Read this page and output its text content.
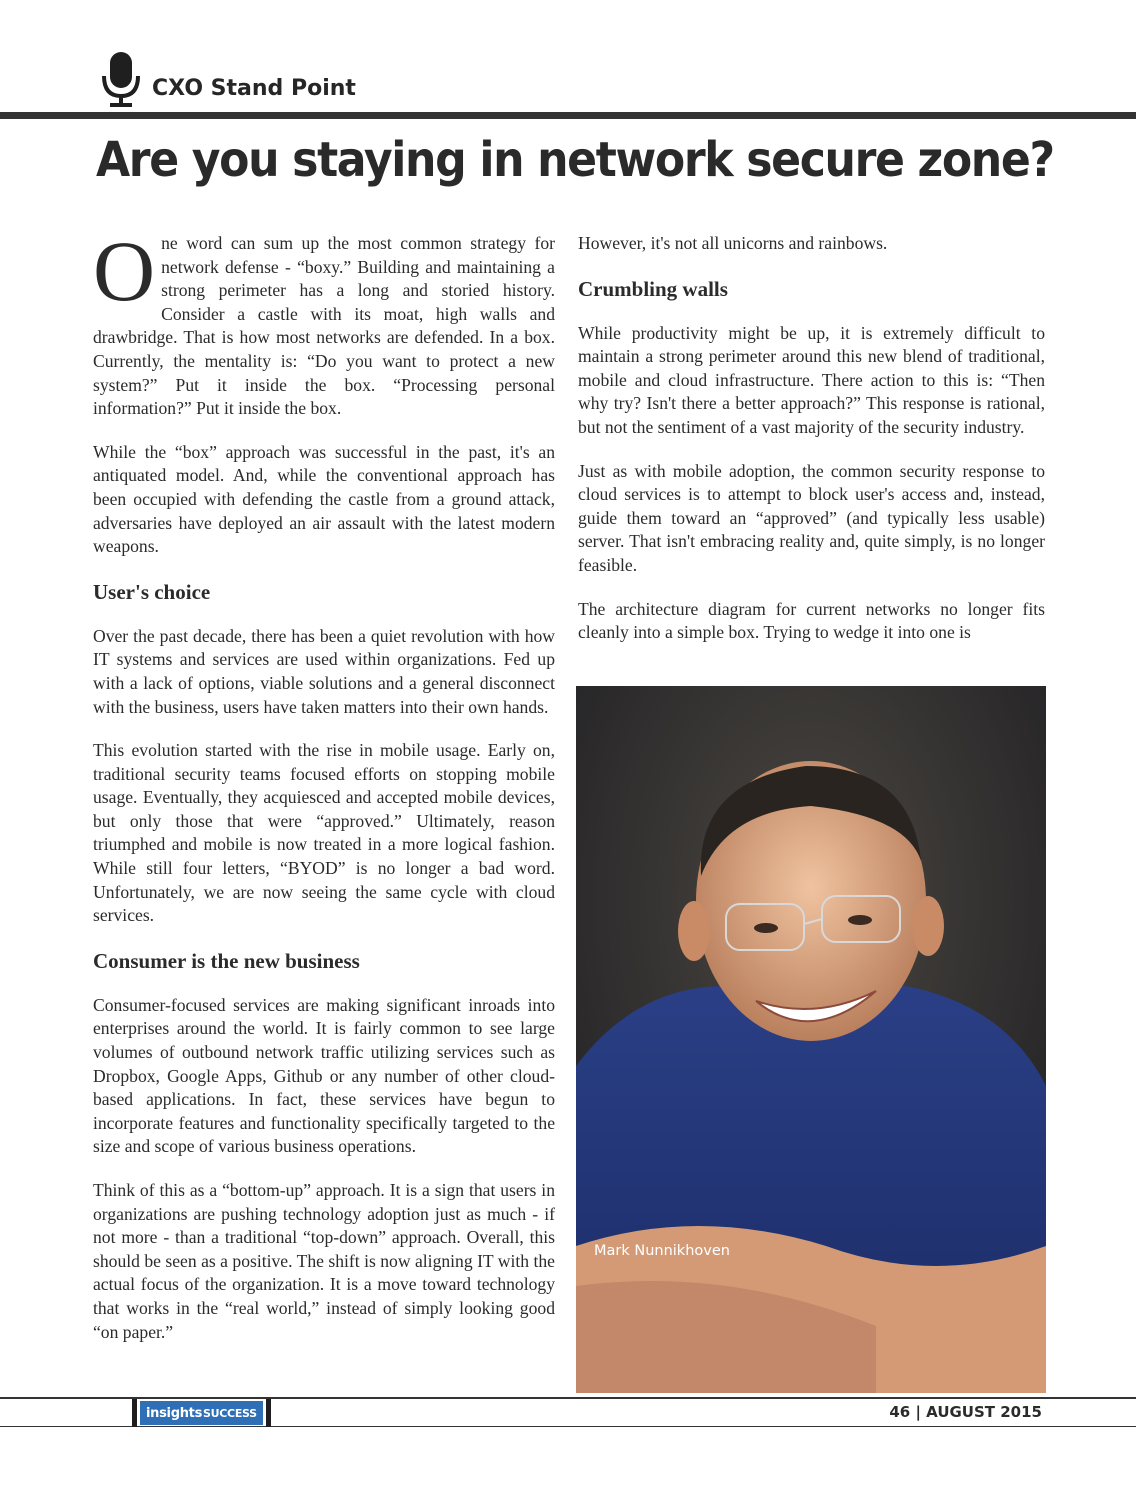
CXO Stand Point
Are you staying in network secure zone?

One word can sum up the most common strategy for network defense - “boxy.” Building and maintaining a strong perimeter has a long and storied history. Consider a castle with its moat, high walls and drawbridge. That is how most networks are defended. In a box. Currently, the mentality is: “Do you want to protect a new system?” Put it inside the box. “Processing personal information?” Put it inside the box.

While the “box” approach was successful in the past, it's an antiquated model. And, while the conventional approach has been occupied with defending the castle from a ground attack, adversaries have deployed an air assault with the latest modern weapons.

User's choice

Over the past decade, there has been a quiet revolution with how IT systems and services are used within organizations. Fed up with a lack of options, viable solutions and a general disconnect with the business, users have taken matters into their own hands.

This evolution started with the rise in mobile usage. Early on, traditional security teams focused efforts on stopping mobile usage. Eventually, they acquiesced and accepted mobile devices, but only those that were “approved.” Ultimately, reason triumphed and mobile is now treated in a more logical fashion. While still four letters, “BYOD” is no longer a bad word. Unfortunately, we are now seeing the same cycle with cloud services.

Consumer is the new business

Consumer-focused services are making significant inroads into enterprises around the world. It is fairly common to see large volumes of outbound network traffic utilizing services such as Dropbox, Google Apps, Github or any number of other cloud-based applications. In fact, these services have begun to incorporate features and functionality specifically targeted to the size and scope of various business operations.

Think of this as a “bottom-up” approach. It is a sign that users in organizations are pushing technology adoption just as much - if not more - than a traditional “top-down” approach. Overall, this should be seen as a positive. The shift is now aligning IT with the actual focus of the organization. It is a move toward technology that works in the “real world,” instead of simply looking good “on paper.”

However, it's not all unicorns and rainbows.

Crumbling walls

While productivity might be up, it is extremely difficult to maintain a strong perimeter around this new blend of traditional, mobile and cloud infrastructure. There action to this is: “Then why try? Isn't there a better approach?” This response is rational, but not the sentiment of a vast majority of the security industry.

Just as with mobile adoption, the common security response to cloud services is to attempt to block user's access and, instead, guide them toward an “approved” (and typically less usable) server. That isn't embracing reality and, quite simply, is no longer feasible.

The architecture diagram for current networks no longer fits cleanly into a simple box. Trying to wedge it into one is

Mark Nunnikhoven
insights SUCCESS	46 | AUGUST 2015
